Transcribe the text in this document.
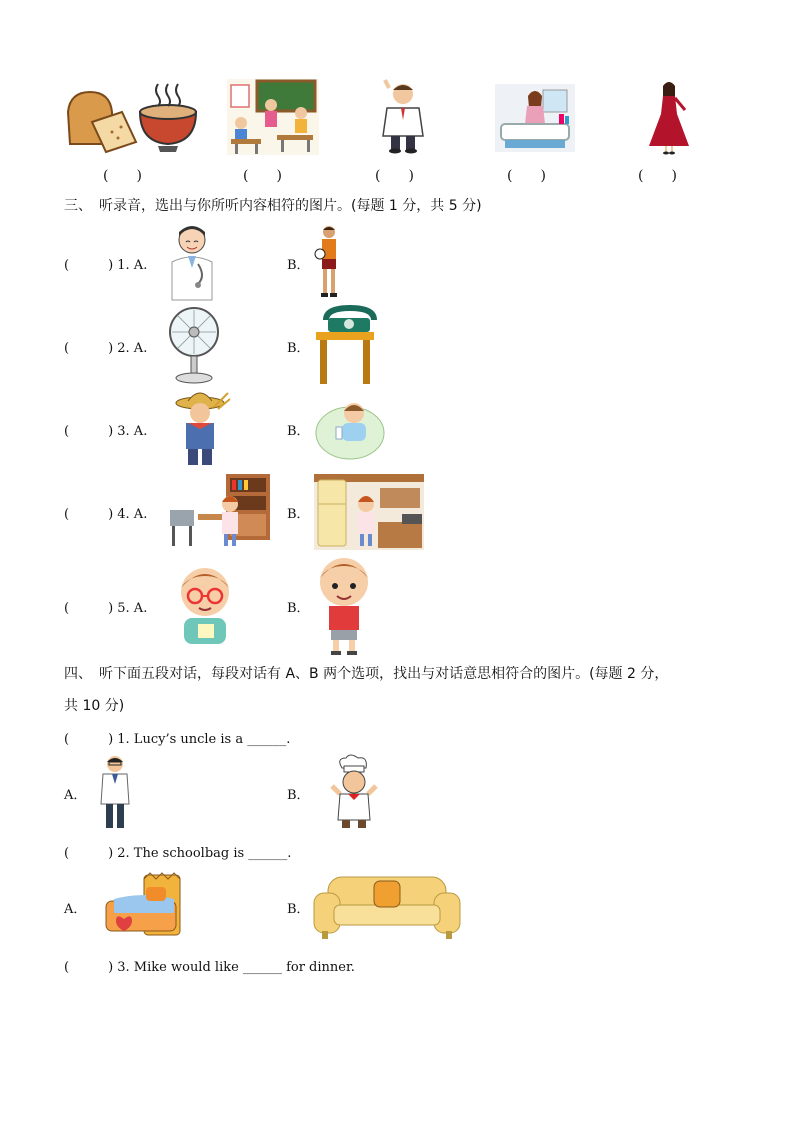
(　　)	(　　)	(　　)	(　　)	(　　)
三、　听录音，选出与你所听内容相符的图片。(每题 1 分，共 5 分)
(　　　) 1. A.	B．
(　　　) 2. A.	B．
(　　　) 3. A.	B．
(　　　) 4. A.	B．
(　　　) 5. A.	B．
四、　听下面五段对话，每段对话有 A、B 两个选项，找出与对话意思相符合的图片。(每题 2 分，
共 10 分)
(　　　) 1. Lucy’s uncle is a ______.
A．	B．
(　　　) 2. The schoolbag is ______.
A．	B．
(　　　) 3. Mike would like ______ for dinner.
